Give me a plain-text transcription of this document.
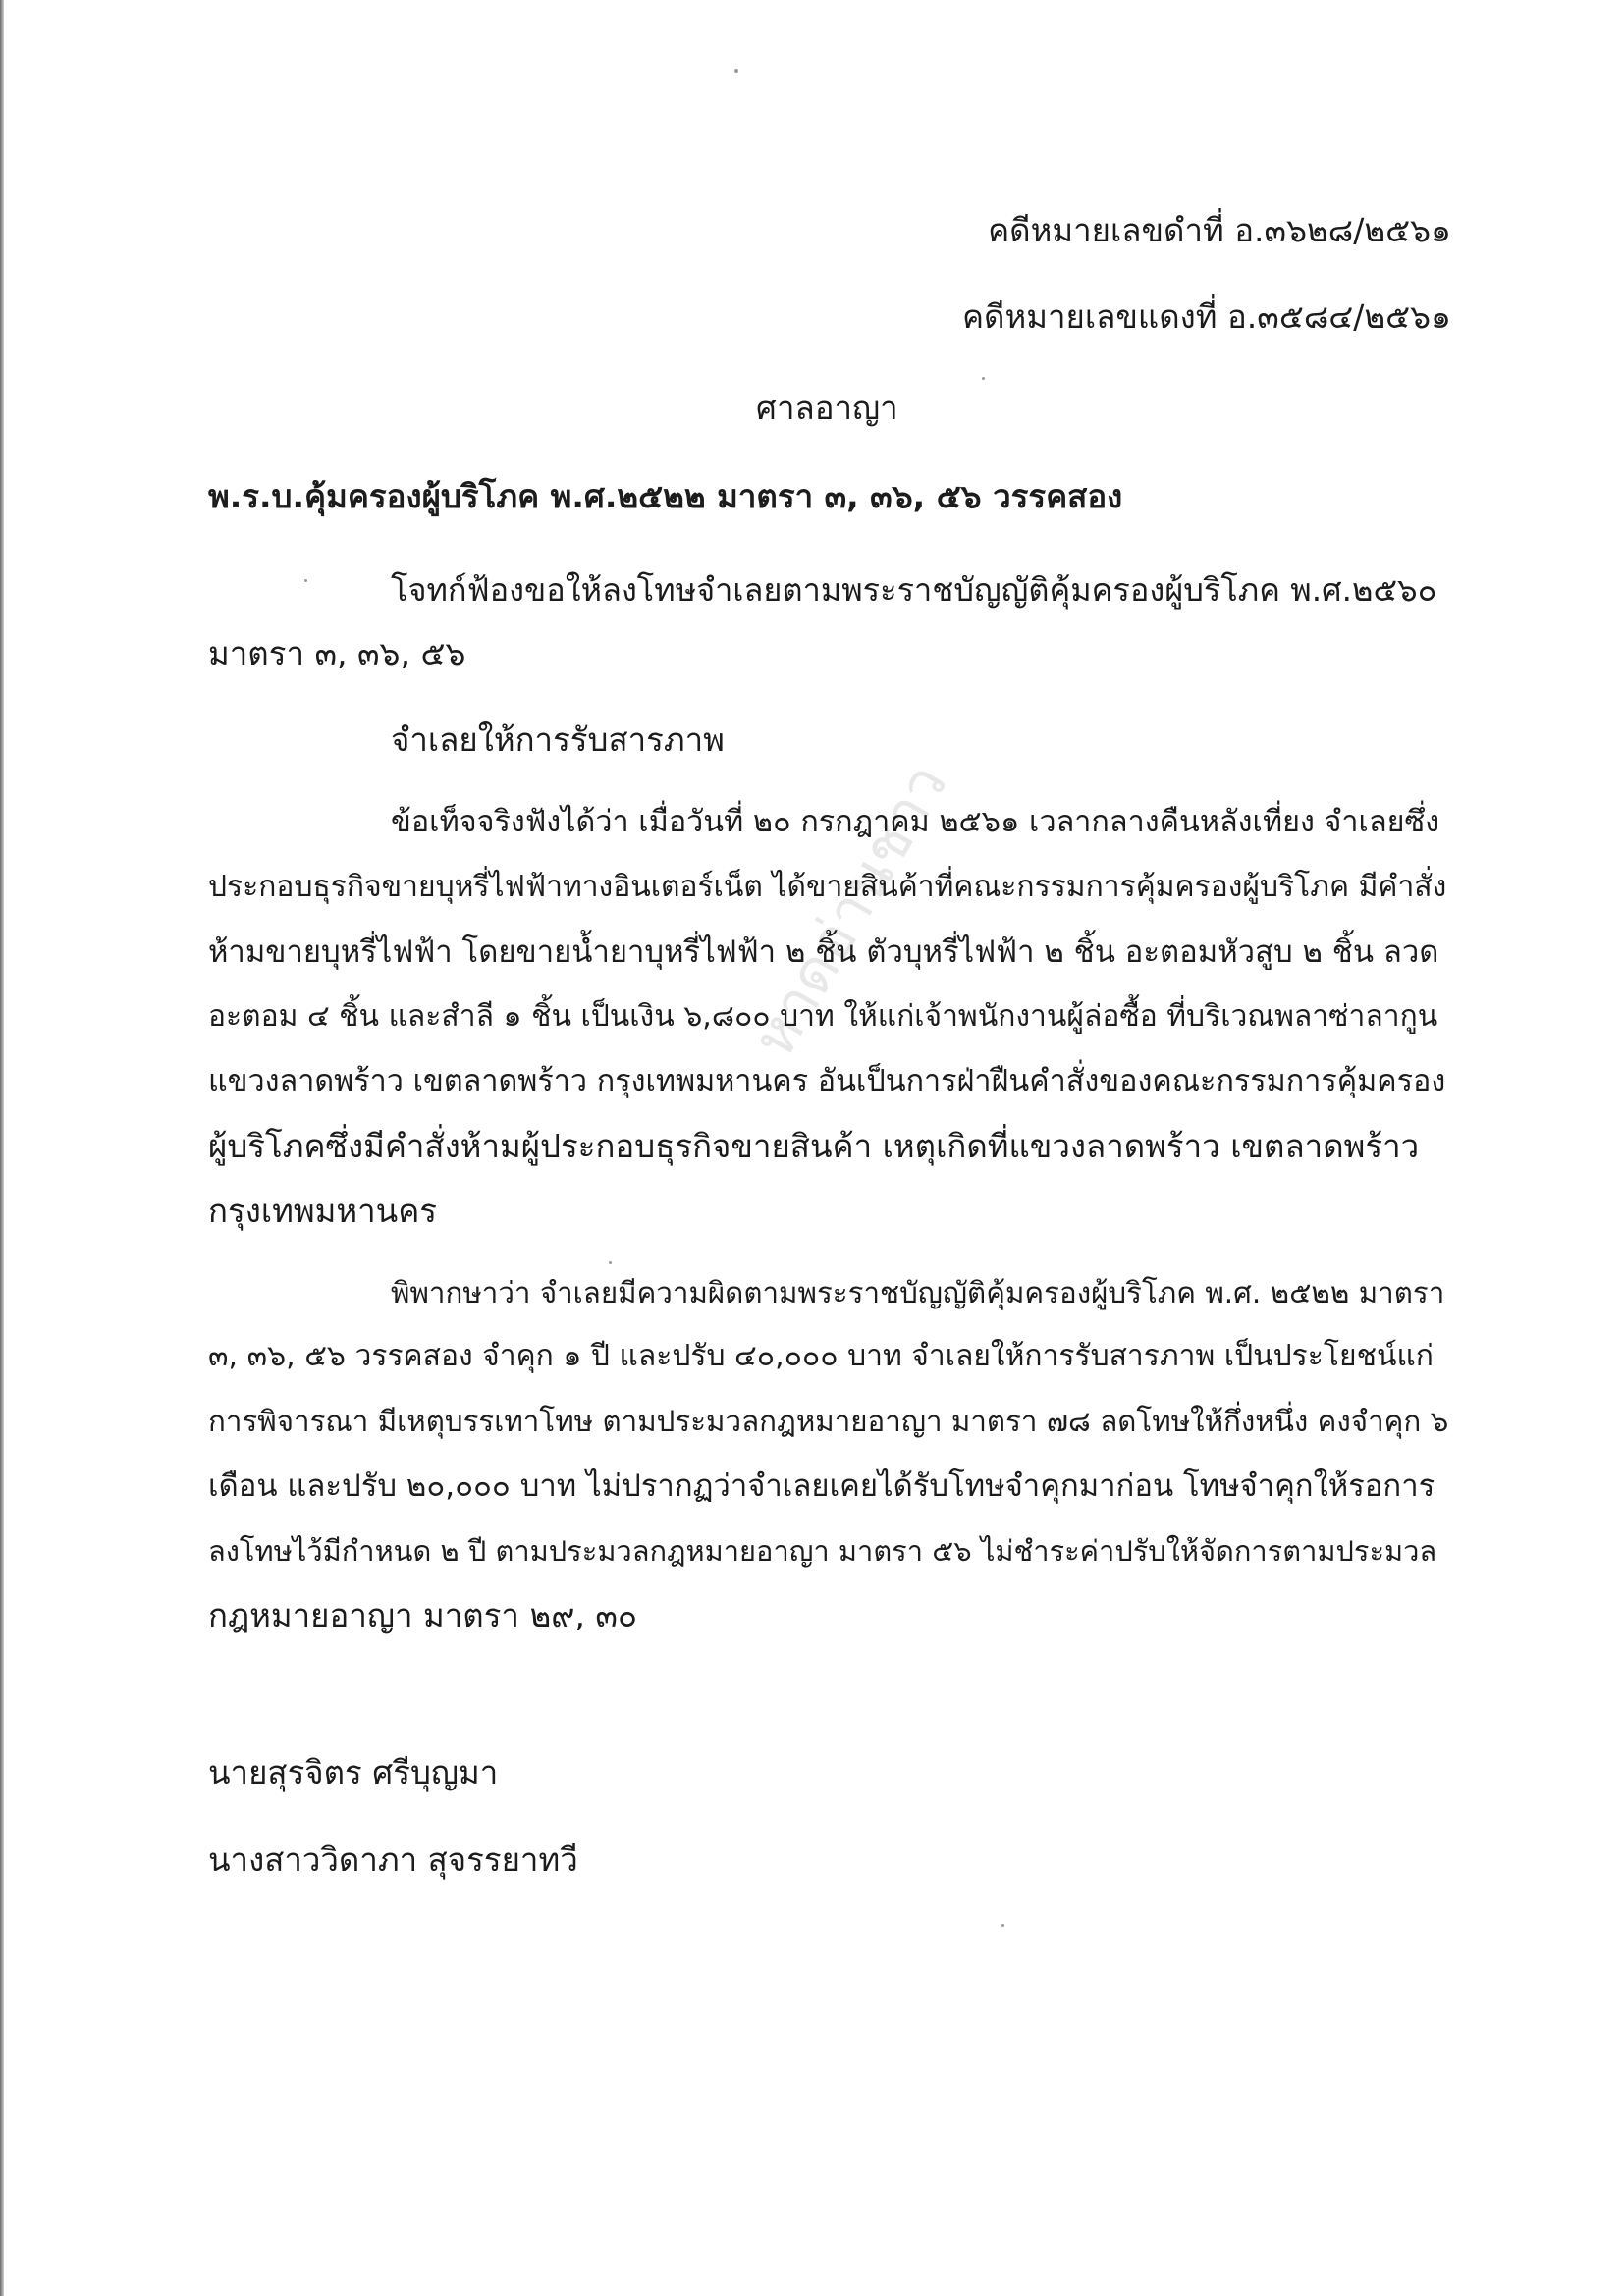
หาดอ่านชาว
คดีหมายเลขดำที่ อ.๓๖๒๘/๒๕๖๑
คดีหมายเลขแดงที่ อ.๓๕๘๔/๒๕๖๑
ศาลอาญา
พ.ร.บ.คุ้มครองผู้บริโภค พ.ศ.๒๕๒๒ มาตรา ๓, ๓๖, ๕๖ วรรคสอง
โจทก์ฟ้องขอให้ลงโทษจำเลยตามพระราชบัญญัติคุ้มครองผู้บริโภค พ.ศ.๒๕๖๐
มาตรา ๓, ๓๖, ๕๖
จำเลยให้การรับสารภาพ
ข้อเท็จจริงฟังได้ว่า เมื่อวันที่ ๒๐ กรกฎาคม ๒๕๖๑ เวลากลางคืนหลังเที่ยง จำเลยซึ่ง
ประกอบธุรกิจขายบุหรี่ไฟฟ้าทางอินเตอร์เน็ต ได้ขายสินค้าที่คณะกรรมการคุ้มครองผู้บริโภค มีคำสั่ง
ห้ามขายบุหรี่ไฟฟ้า โดยขายน้ำยาบุหรี่ไฟฟ้า ๒ ชิ้น ตัวบุหรี่ไฟฟ้า ๒ ชิ้น อะตอมหัวสูบ ๒ ชิ้น ลวด
อะตอม ๔ ชิ้น และสำลี ๑ ชิ้น เป็นเงิน ๖,๘๐๐ บาท ให้แก่เจ้าพนักงานผู้ล่อซื้อ ที่บริเวณพลาซ่าลากูน
แขวงลาดพร้าว เขตลาดพร้าว กรุงเทพมหานคร อันเป็นการฝ่าฝืนคำสั่งของคณะกรรมการคุ้มครอง
ผู้บริโภคซึ่งมีคำสั่งห้ามผู้ประกอบธุรกิจขายสินค้า เหตุเกิดที่แขวงลาดพร้าว เขตลาดพร้าว
กรุงเทพมหานคร
พิพากษาว่า จำเลยมีความผิดตามพระราชบัญญัติคุ้มครองผู้บริโภค พ.ศ. ๒๕๒๒ มาตรา
๓, ๓๖, ๕๖ วรรคสอง จำคุก ๑ ปี และปรับ ๔๐,๐๐๐ บาท จำเลยให้การรับสารภาพ เป็นประโยชน์แก่
การพิจารณา มีเหตุบรรเทาโทษ ตามประมวลกฎหมายอาญา มาตรา ๗๘ ลดโทษให้กึ่งหนึ่ง คงจำคุก ๖
เดือน และปรับ ๒๐,๐๐๐ บาท ไม่ปรากฏว่าจำเลยเคยได้รับโทษจำคุกมาก่อน โทษจำคุกให้รอการ
ลงโทษไว้มีกำหนด ๒ ปี ตามประมวลกฎหมายอาญา มาตรา ๕๖ ไม่ชำระค่าปรับให้จัดการตามประมวล
กฎหมายอาญา มาตรา ๒๙, ๓๐
นายสุรจิตร ศรีบุญมา
นางสาววิดาภา สุจรรยาทวี
